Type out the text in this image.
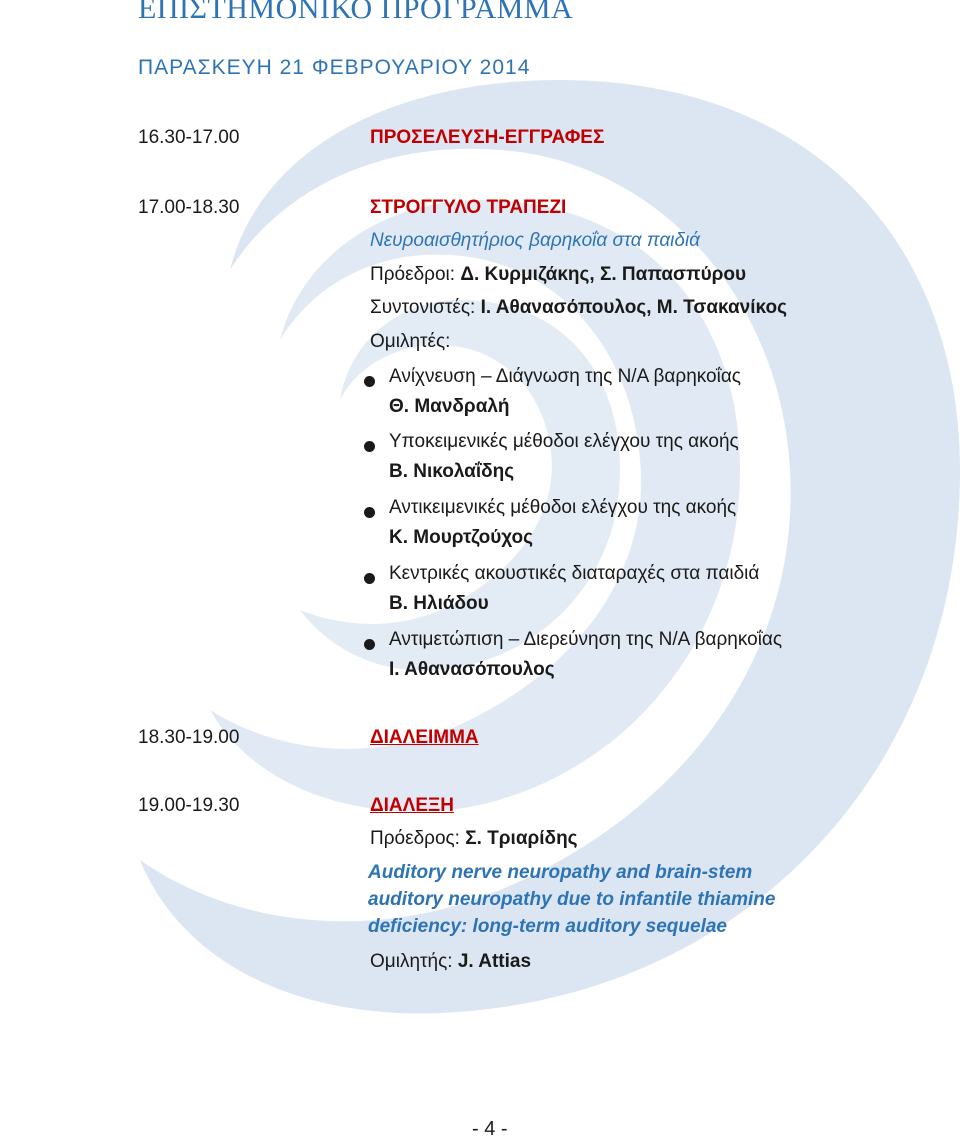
ΕΠΙΣΤΗΜΟΝΙΚΟ ΠΡΟΓΡΑΜΜΑ
ΠΑΡΑΣΚΕΥΗ 21 ΦΕΒΡΟΥΑΡΙΟΥ 2014
16.30-17.00	ΠΡΟΣΕΛΕΥΣΗ-ΕΓΓΡΑΦΕΣ
17.00-18.30	ΣΤΡΟΓΓΥΛΟ ΤΡΑΠΕΖΙ
Νευροαισθητήριος βαρηκοΐα στα παιδιά
Πρόεδροι: Δ. Κυρμιζάκης, Σ. Παπασπύρου
Συντονιστές: Ι. Αθανασόπουλος, Μ. Τσακανίκος
Ομιλητές:
Ανίχνευση – Διάγνωση της Ν/Α βαρηκοΐας
Θ. Μανδραλή
Υποκειμενικές μέθοδοι ελέγχου της ακοής
Β. Νικολαΐδης
Αντικειμενικές μέθοδοι ελέγχου της ακοής
Κ. Μουρτζούχος
Κεντρικές ακουστικές διαταραχές στα παιδιά
Β. Ηλιάδου
Αντιμετώπιση – Διερεύνηση της Ν/Α βαρηκοΐας
Ι. Αθανασόπουλος
18.30-19.00	ΔΙΑΛΕΙΜΜΑ
19.00-19.30	ΔΙΑΛΕΞΗ
Πρόεδρος: Σ. Τριαρίδης
Auditory nerve neuropathy and brain-stem
auditory neuropathy due to infantile thiamine
deficiency: long-term auditory sequelae
Ομιλητής: J. Attias
- 4 -
